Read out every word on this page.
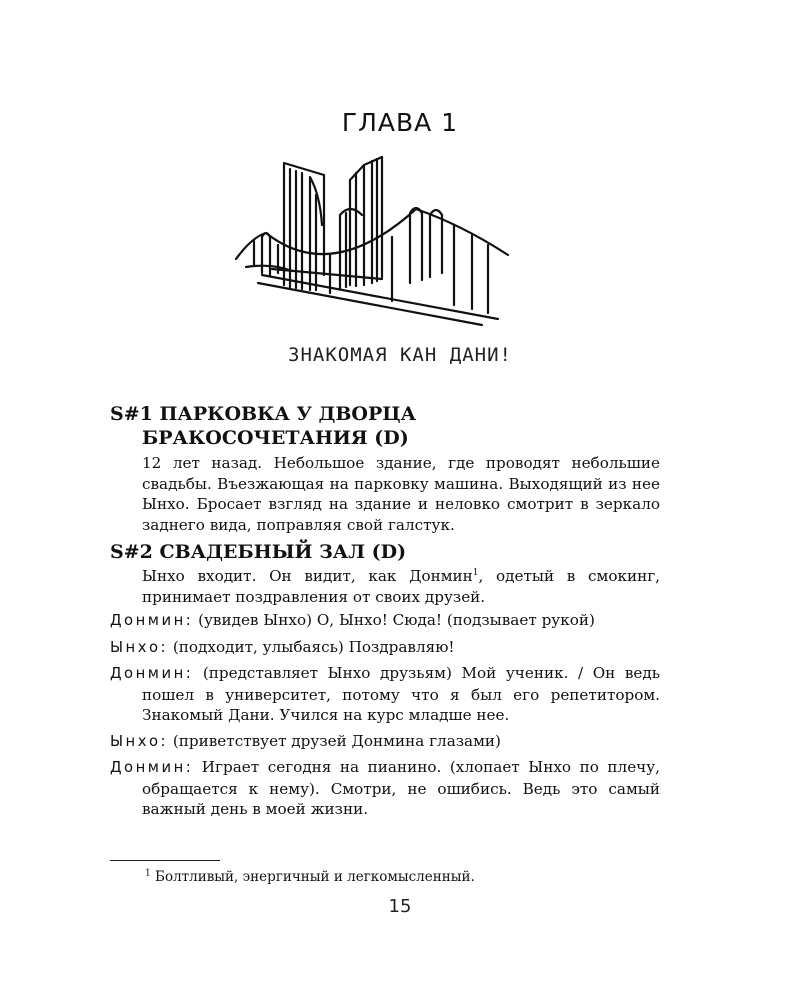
ГЛАВА 1
ЗНАКОМАЯ КАН ДАНИ!

S#1 ПАРКОВКА У ДВОРЦА
БРАКОСОЧЕТАНИЯ (D)

12 лет назад. Небольшое здание, где проводят небольшие свадьбы. Въезжающая на парковку машина. Выходящий из нее Ынхо. Бросает взгляд на здание и неловко смотрит в зеркало заднего вида, поправляя свой галстук.

S#2 СВАДЕБНЫЙ ЗАЛ (D)

Ынхо входит. Он видит, как Донмин$^1$, одетый в смокинг, принимает поздравления от своих друзей.

Донмин: (увидев Ынхо) О, Ынхо! Сюда! (подзывает рукой)

Ынхо: (подходит, улыбаясь) Поздравляю!

Донмин: (представляет Ынхо друзьям) Мой ученик. / Он ведь пошел в университет, потому что я был его репетитором. Знакомый Дани. Учился на курс младше нее.

Ынхо: (приветствует друзей Донмина глазами)

Донмин: Играет сегодня на пианино. (хлопает Ынхо по плечу, обращается к нему). Смотри, не ошибись. Ведь это самый важный день в моей жизни.

$^1$ Болтливый, энергичный и легкомысленный.
15
